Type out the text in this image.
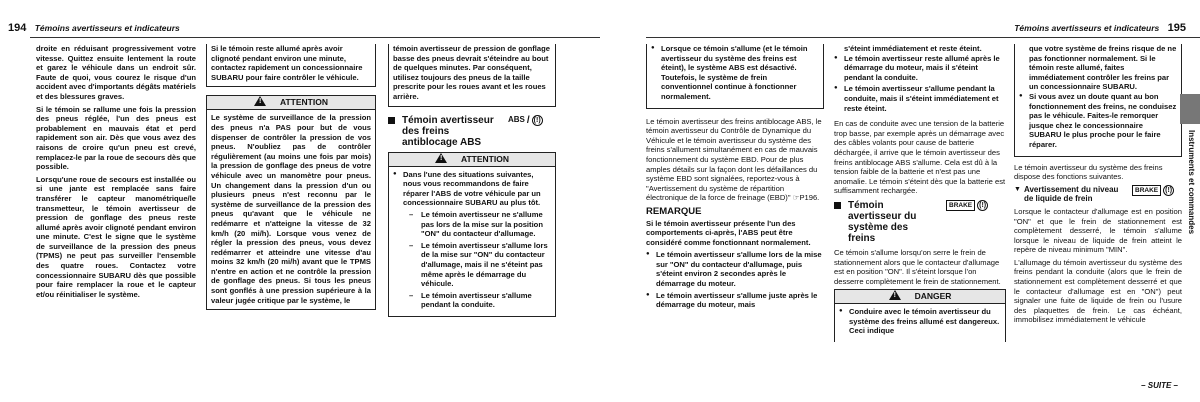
194 Témoins avertisseurs et indicateurs

droite en réduisant progressivement votre vitesse. Quittez ensuite lentement la route et garez le véhicule dans un endroit sûr. Faute de quoi, vous courez le risque d'un accident avec d'importants dégâts matériels et des blessures graves.

Si le témoin se rallume une fois la pression des pneus réglée, l'un des pneus est probablement en mauvais état et perd rapidement son air. Dès que vous avez des raisons de croire qu'un pneu est crevé, remplacez-le par la roue de secours dès que possible.

Lorsqu'une roue de secours est installée ou si une jante est remplacée sans faire transférer le capteur manométrique/le transmetteur, le témoin avertisseur de pression de gonflage des pneus reste allumé après avoir clignoté pendant environ une minute. C'est le signe que le système de surveillance de la pression des pneus (TPMS) ne peut pas surveiller l'ensemble des quatre roues. Contactez votre concessionnaire SUBARU dès que possible pour faire remplacer la roue et le capteur et/ou réinitialiser le système.

Si le témoin reste allumé après avoir clignoté pendant environ une minute, contactez rapidement un concessionnaire SUBARU pour faire contrôler le véhicule.
!ATTENTION
Le système de surveillance de la pression des pneus n'a PAS pour but de vous dispenser de contrôler la pression de vos pneus. N'oubliez pas de contrôler régulièrement (au moins une fois par mois) la pression de gonflage des pneus de votre véhicule avec un manomètre pour pneus. Un changement dans la pression d'un ou plusieurs pneus n'est reconnu par le système de surveillance de la pression des pneus qu'avant que le véhicule ne redémarre et n'atteigne la vitesse de 32 km/h (20 mi/h). Lorsque vous venez de régler la pression des pneus, vous devez redémarrer et atteindre une vitesse d'au moins 32 km/h (20 mi/h) avant que le TPMS n'entre en action et ne contrôle la pression de gonflage des pneus. Si tous les pneus sont gonflés à une pression supérieure à la valeur jugée critique par le système, le
témoin avertisseur de pression de gonflage basse des pneus devrait s'éteindre au bout de quelques minutes. Par conséquent, utilisez toujours des pneus de la taille prescrite pour les roues avant et les roues arrière.
Témoin avertisseur des freins antiblocage ABS
ABS / (!)
!ATTENTION
● Dans l'une des situations suivantes, nous vous recommandons de faire réparer l'ABS de votre véhicule par un concessionnaire SUBARU au plus tôt.
– Le témoin avertisseur ne s'allume pas lors de la mise sur la position "ON" du contacteur d'allumage.
– Le témoin avertisseur s'allume lors de la mise sur "ON" du contacteur d'allumage, mais il ne s'éteint pas même après le démarrage du véhicule.
– Le témoin avertisseur s'allume pendant la conduite.
Témoins avertisseurs et indicateurs 195
● Lorsque ce témoin s'allume (et le témoin avertisseur du système des freins est éteint), le système ABS est désactivé. Toutefois, le système de frein conventionnel continue à fonctionner normalement.

Le témoin avertisseur des freins antiblocage ABS, le témoin avertisseur du Contrôle de Dynamique du Véhicule et le témoin avertisseur du système des freins s'allument simultanément en cas de mauvais fonctionnement du système EBD. Pour de plus amples détails sur la façon dont les défaillances du système EBD sont signalées, reportez-vous à "Avertissement du système de répartition électronique de la force de freinage (EBD)" ☞P196.

REMARQUE

Si le témoin avertisseur présente l'un des comportements ci-après, l'ABS peut être considéré comme fonctionnant normalement.

● Le témoin avertisseur s'allume lors de la mise sur "ON" du contacteur d'allumage, puis s'éteint environ 2 secondes après le démarrage du moteur.
● Le témoin avertisseur s'allume juste après le démarrage du moteur, mais
s'éteint immédiatement et reste éteint.
● Le témoin avertisseur reste allumé après le démarrage du moteur, mais il s'éteint pendant la conduite.
● Le témoin avertisseur s'allume pendant la conduite, mais il s'éteint immédiatement et reste éteint.

En cas de conduite avec une tension de la batterie trop basse, par exemple après un démarrage avec des câbles volants pour cause de batterie déchargée, il arrive que le témoin avertisseur des freins antiblocage ABS s'allume. Cela est dû à la tension faible de la batterie et n'est pas une anomalie. Le témoin s'éteint dès que la batterie est suffisamment rechargée.

Témoin avertisseur du système des freins
BRAKE (!)

Ce témoin s'allume lorsqu'on serre le frein de stationnement alors que le contacteur d'allumage est en position "ON". Il s'éteint lorsque l'on desserre complètement le frein de stationnement.

!DANGER
● Conduire avec le témoin avertisseur du système des freins allumé est dangereux. Ceci indique
que votre système de freins risque de ne pas fonctionner normalement. Si le témoin reste allumé, faites immédiatement contrôler les freins par un concessionnaire SUBARU.
● Si vous avez un doute quant au bon fonctionnement des freins, ne conduisez pas le véhicule. Faites-le remorquer jusque chez le concessionnaire SUBARU le plus proche pour le faire réparer.

Le témoin avertisseur du système des freins dispose des fonctions suivantes.

▼ Avertissement du niveau de liquide de frein
BRAKE (!)

Lorsque le contacteur d'allumage est en position "ON" et que le frein de stationnement est complètement desserré, le témoin s'allume lorsque le niveau de liquide de frein atteint le repère de niveau minimum "MIN".

L'allumage du témoin avertisseur du système des freins pendant la conduite (alors que le frein de stationnement est complètement desserré et que le contacteur d'allumage est en "ON") peut signaler une fuite de liquide de frein ou l'usure des plaquettes de frein. Le cas échéant, immobilisez immédiatement le véhicule

Instruments et commandes
– SUITE –
